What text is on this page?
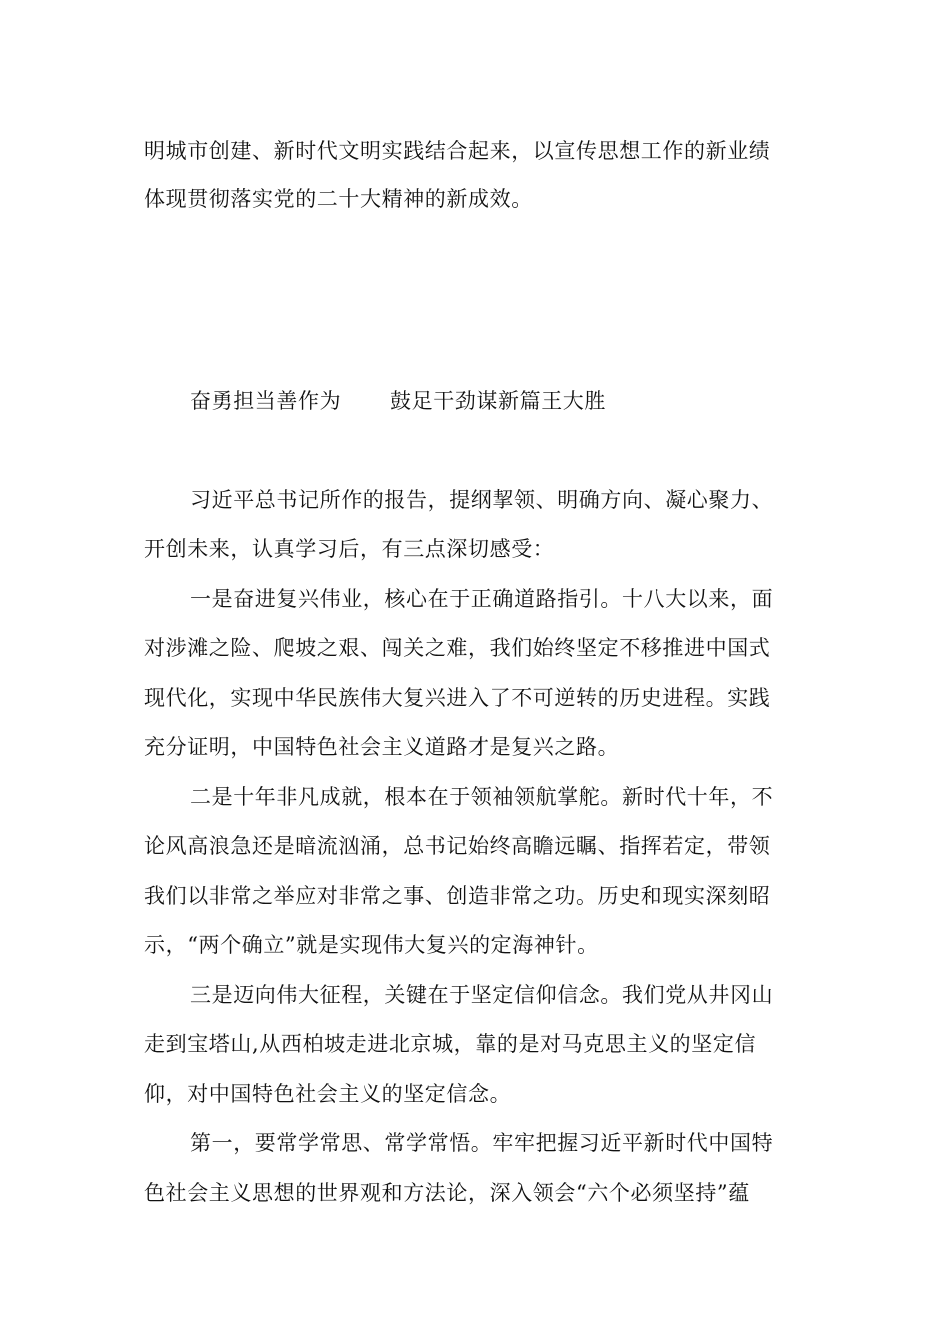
明城市创建、新时代文明实践结合起来，以宣传思想工作的新业绩
体现贯彻落实党的二十大精神的新成效。
奋勇担当善作为 鼓足干劲谋新篇王大胜
习近平总书记所作的报告，提纲挈领、明确方向、凝心聚力、
开创未来，认真学习后，有三点深切感受：
一是奋进复兴伟业，核心在于正确道路指引。十八大以来，面
对涉滩之险、爬坡之艰、闯关之难，我们始终坚定不移推进中国式
现代化，实现中华民族伟大复兴进入了不可逆转的历史进程。实践
充分证明，中国特色社会主义道路才是复兴之路。
二是十年非凡成就，根本在于领袖领航掌舵。新时代十年，不
论风高浪急还是暗流汹涌，总书记始终高瞻远瞩、指挥若定，带领
我们以非常之举应对非常之事、创造非常之功。历史和现实深刻昭
示，“两个确立”就是实现伟大复兴的定海神针。
三是迈向伟大征程，关键在于坚定信仰信念。我们党从井冈山
走到宝塔山,从西柏坡走进北京城，靠的是对马克思主义的坚定信
仰，对中国特色社会主义的坚定信念。
第一，要常学常思、常学常悟。牢牢把握习近平新时代中国特
色社会主义思想的世界观和方法论，深入领会“六个必须坚持”蕴
